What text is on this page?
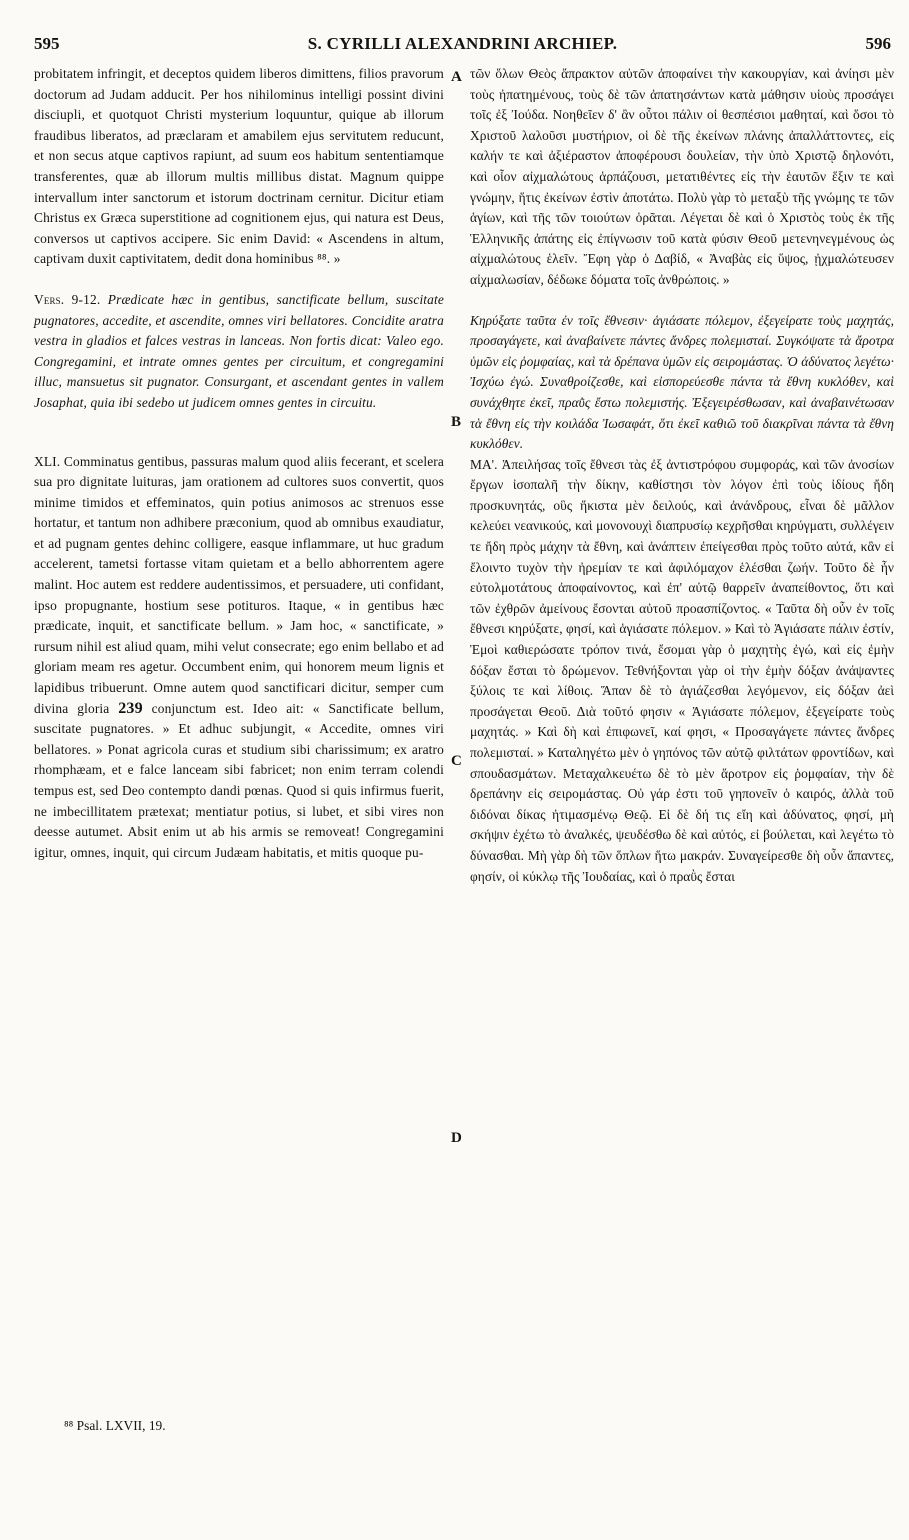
595	S. CYRILLI ALEXANDRINI ARCHIEP.	596

probitatem infringit, et deceptos quidem liberos dimittens, filios pravorum doctorum ad Judam adducit. Per hos nihilominus intelligi possint divini disciupli, et quotquot Christi mysterium loquuntur, quique ab illorum fraudibus liberatos, ad præclaram et amabilem ejus servitutem reducunt, et non secus atque captivos rapiunt, ad suum eos habitum sententiamque transferentes, quæ ab illorum multis millibus distat. Magnum quippe intervallum inter sanctorum et istorum doctrinam cernitur. Dicitur etiam Christus ex Græca superstitione ad cognitionem ejus, qui natura est Deus, conversos ut captivos accipere. Sic enim David: « Ascendens in altum, captivam duxit captivitatem, dedit dona hominibus ⁸⁸. »

Vers. 9-12. Prædicate hæc in gentibus, sanctificate bellum, suscitate pugnatores, accedite, et ascendite, omnes viri bellatores. Concidite aratra vestra in gladios et falces vestras in lanceas. Non fortis dicat: Valeo ego. Congregamini, et intrate omnes gentes per circuitum, et congregamini illuc, mansuetus sit pugnator. Consurgant, et ascendant gentes in vallem Josaphat, quia ibi sedebo ut judicem omnes gentes in circuitu.

XLI. Comminatus gentibus, passuras malum quod aliis fecerant, et scelera sua pro dignitate luituras, jam orationem ad cultores suos convertit, quos minime timidos et effeminatos, quin potius animosos ac strenuos esse hortatur, et tantum non adhibere præconium, quod ab omnibus exaudiatur, et ad pugnam gentes dehinc colligere, easque inflammare, ut huc gradum accelerent, tametsi fortasse vitam quietam et a bello abhorrentem agere malint. Hoc autem est reddere audentissimos, et persuadere, uti confidant, ipso propugnante, hostium sese potituros. Itaque, « in gentibus hæc prædicate, inquit, et sanctificate bellum. » Jam hoc, « sanctificate, » rursum nihil est aliud quam, mihi velut consecrate; ego enim bellabo et ad gloriam meam res agetur. Occumbent enim, qui honorem meum lignis et lapidibus tribuerunt. Omne autem quod sanctificari dicitur, semper cum divina gloria 239 conjunctum est. Ideo ait: « Sanctificate bellum, suscitate pugnatores. » Et adhuc subjungit, « Accedite, omnes viri bellatores. » Ponat agricola curas et studium sibi charissimum; ex aratro rhomphæam, et e falce lanceam sibi fabricet; non enim terram colendi tempus est, sed Deo contempto dandi pœnas. Quod si quis infirmus fuerit, ne imbecillitatem prætexat; mentiatur potius, si lubet, et sibi vires non deesse autumet. Absit enim ut ab his armis se removeat! Congregamini igitur, omnes, inquit, qui circum Judæam habitatis, et mitis quoque pu-

A
B
C
D

τῶν ὅλων Θεὸς ἄπρακτον αὐτῶν ἀποφαίνει τὴν κακουργίαν, καὶ ἀνίησι μὲν τοὺς ἠπατημένους, τοὺς δὲ τῶν ἀπατησάντων κατὰ μάθησιν υἱοὺς προσάγει τοῖς ἐξ Ἰούδα. Νοηθεῖεν δ' ἂν οὗτοι πάλιν οἱ θεσπέσιοι μαθηταί, καὶ ὅσοι τὸ Χριστοῦ λαλοῦσι μυστήριον, οἱ δὲ τῆς ἐκείνων πλάνης ἀπαλλάττοντες, εἰς καλήν τε καὶ ἀξιέραστον ἀποφέρουσι δουλείαν, τὴν ὑπὸ Χριστῷ δηλονότι, καὶ οἷον αἰχμαλώτους ἁρπάζουσι, μετατιθέντες εἰς τὴν ἑαυτῶν ἕξιν τε καὶ γνώμην, ἥτις ἐκείνων ἐστὶν ἀποτάτω. Πολὺ γὰρ τὸ μεταξὺ τῆς γνώμης τε τῶν ἁγίων, καὶ τῆς τῶν τοιούτων ὁρᾶται. Λέγεται δὲ καὶ ὁ Χριστὸς τοὺς ἐκ τῆς Ἑλληνικῆς ἀπάτης εἰς ἐπίγνωσιν τοῦ κατὰ φύσιν Θεοῦ μετενηνεγμένους ὡς αἰχμαλώτους ἑλεῖν. Ἔφη γὰρ ὁ Δαβίδ, « Ἀναβὰς εἰς ὕψος, ᾐχμαλώτευσεν αἰχμαλωσίαν, δέδωκε δόματα τοῖς ἀνθρώποις. »

Κηρύξατε ταῦτα ἐν τοῖς ἔθνεσιν· ἁγιάσατε πόλεμον, ἐξεγείρατε τοὺς μαχητάς, προσαγάγετε, καὶ ἀναβαίνετε πάντες ἄνδρες πολεμισταί. Συγκόψατε τὰ ἄροτρα ὑμῶν εἰς ῥομφαίας, καὶ τὰ δρέπανα ὑμῶν εἰς σειρομάστας. Ὁ ἀδύνατος λεγέτω· Ἰσχύω ἐγώ. Συναθροίζεσθε, καὶ εἰσπορεύεσθε πάντα τὰ ἔθνη κυκλόθεν, καὶ συνάχθητε ἐκεῖ, πραῢς ἔστω πολεμιστής. Ἐξεγειρέσθωσαν, καὶ ἀναβαινέτωσαν τὰ ἔθνη εἰς τὴν κοιλάδα Ἰωσαφάτ, ὅτι ἐκεῖ καθιῶ τοῦ διακρῖναι πάντα τὰ ἔθνη κυκλόθεν.

ΜΑ'. Ἀπειλήσας τοῖς ἔθνεσι τὰς ἐξ ἀντιστρόφου συμφοράς, καὶ τῶν ἀνοσίων ἔργων ἰσοπαλῆ τὴν δίκην, καθίστησι τὸν λόγον ἐπὶ τοὺς ἰδίους ἤδη προσκυνητάς, οὓς ἥκιστα μὲν δειλούς, καὶ ἀνάνδρους, εἶναι δὲ μᾶλλον κελεύει νεανικούς, καὶ μονονουχὶ διαπρυσίῳ κεχρῆσθαι κηρύγματι, συλλέγειν τε ἤδη πρὸς μάχην τὰ ἔθνη, καὶ ἀνάπτειν ἐπείγεσθαι πρὸς τοῦτο αὐτά, κἂν εἰ ἔλοιντο τυχὸν τὴν ἠρεμίαν τε καὶ ἀφιλόμαχον ἑλέσθαι ζωήν. Τοῦτο δὲ ἦν εὐτολμοτάτους ἀποφαίνοντος, καὶ ἐπ' αὐτῷ θαρρεῖν ἀναπείθοντος, ὅτι καὶ τῶν ἐχθρῶν ἀμείνους ἔσονται αὐτοῦ προασπίζοντος. « Ταῦτα δὴ οὖν ἐν τοῖς ἔθνεσι κηρύξατε, φησί, καὶ ἁγιάσατε πόλεμον. » Καὶ τὸ Ἁγιάσατε πάλιν ἐστίν, Ἐμοὶ καθιερώσατε τρόπον τινά, ἔσομαι γὰρ ὁ μαχητὴς ἐγώ, καὶ εἰς ἐμὴν δόξαν ἔσται τὸ δρώμενον. Τεθνήξονται γὰρ οἱ τὴν ἐμὴν δόξαν ἀνάψαντες ξύλοις τε καὶ λίθοις. Ἅπαν δὲ τὸ ἁγιάζεσθαι λεγόμενον, εἰς δόξαν ἀεὶ προσάγεται Θεοῦ. Διὰ τοῦτό φησιν « Ἁγιάσατε πόλεμον, ἐξεγείρατε τοὺς μαχητάς. » Καὶ δὴ καὶ ἐπιφωνεῖ, καί φησι, « Προσαγάγετε πάντες ἄνδρες πολεμισταί. » Καταληγέτω μὲν ὁ γηπόνος τῶν αὐτῷ φιλτάτων φροντίδων, καὶ σπουδασμάτων. Μεταχαλκευέτω δὲ τὸ μὲν ἄροτρον εἰς ῥομφαίαν, τὴν δὲ δρεπάνην εἰς σειρομάστας. Οὐ γάρ ἐστι τοῦ γηπονεῖν ὁ καιρός, ἀλλὰ τοῦ διδόναι δίκας ἠτιμασμένῳ Θεῷ. Εἰ δὲ δή τις εἴη καὶ ἀδύνατος, φησί, μὴ σκήψιν ἐχέτω τὸ ἀναλκές, ψευδέσθω δὲ καὶ αὐτός, εἰ βούλεται, καὶ λεγέτω τὸ δύνασθαι. Μὴ γὰρ δὴ τῶν ὅπλων ἥτω μακράν. Συναγείρεσθε δὴ οὖν ἅπαντες, φησίν, οἱ κύκλῳ τῆς Ἰουδαίας, καὶ ὁ πραῢς ἔσται

⁸⁸ Psal. LXVII, 19.
